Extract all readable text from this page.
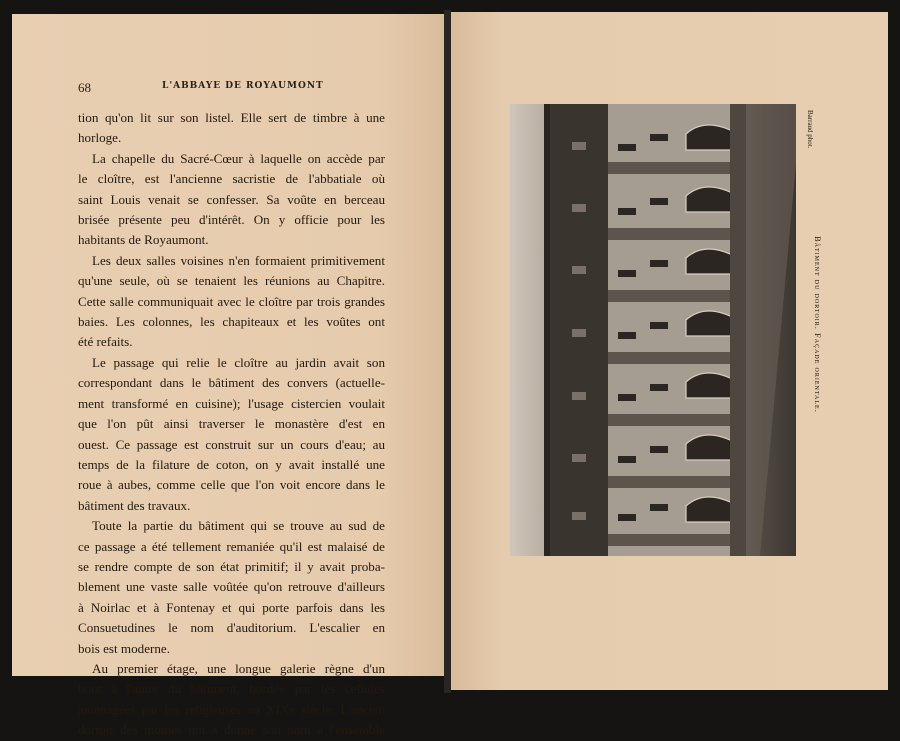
68	L'ABBAYE DE ROYAUMONT
tion qu'on lit sur son listel. Elle sert de timbre à une
horloge.
La chapelle du Sacré-Cœur à laquelle on accède par
le cloître, est l'ancienne sacristie de l'abbatiale où
saint Louis venait se confesser. Sa voûte en berceau
brisée présente peu d'intérêt. On y officie pour les
habitants de Royaumont.
Les deux salles voisines n'en formaient primitivement
qu'une seule, où se tenaient les réunions au Chapitre.
Cette salle communiquait avec le cloître par trois grandes
baies. Les colonnes, les chapiteaux et les voûtes ont
été refaits.
Le passage qui relie le cloître au jardin avait son
correspondant dans le bâtiment des convers (actuelle-
ment transformé en cuisine); l'usage cistercien voulait
que l'on pût ainsi traverser le monastère d'est en
ouest. Ce passage est construit sur un cours d'eau; au
temps de la filature de coton, on y avait installé une
roue à aubes, comme celle que l'on voit encore dans le
bâtiment des travaux.
Toute la partie du bâtiment qui se trouve au sud de
ce passage a été tellement remaniée qu'il est malaisé de
se rendre compte de son état primitif; il y avait proba-
blement une vaste salle voûtée qu'on retrouve d'ailleurs
à Noirlac et à Fontenay et qui porte parfois dans les
Consuetudines le nom d'auditorium. L'escalier en
bois est moderne.
Au premier étage, une longue galerie règne d'un
bout à l'autre du bâtiment, bordée par les cellules
aménagées par les religieuses au XIXe siècle. L'ancien
dortoir des moines qui a donné son nom à l'ensemble
Barraud phot.
Bâtiment du dortoir. Façade orientale.
